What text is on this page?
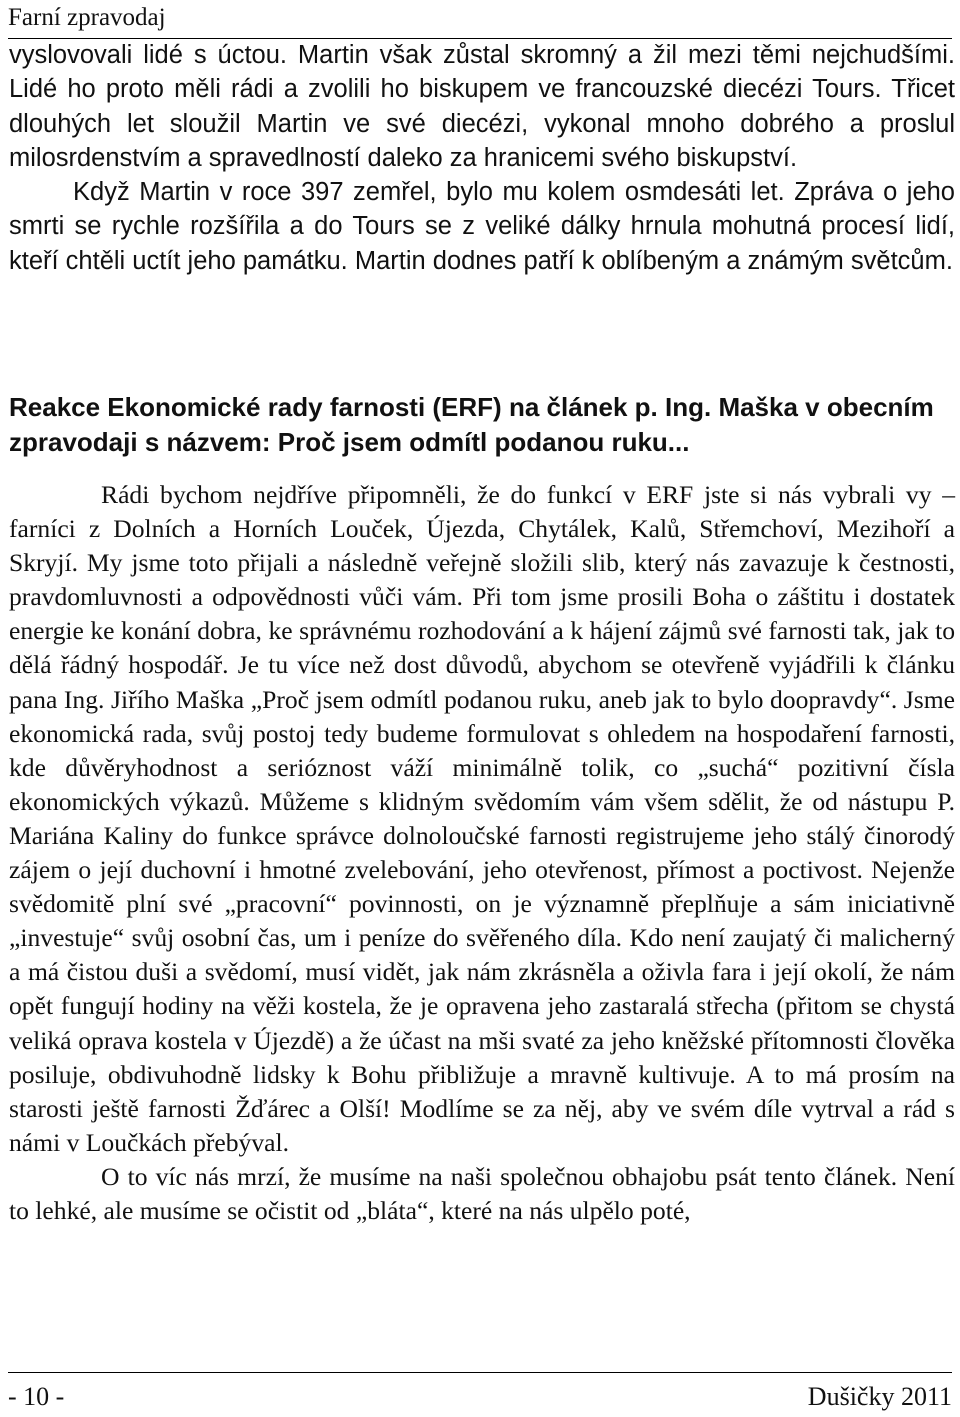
Farní zpravodaj

vyslovovali lidé s úctou. Martin však zůstal skromný a žil mezi těmi nejchudšími. Lidé ho proto měli rádi a zvolili ho biskupem ve francouzské diecézi Tours. Třicet dlouhých let sloužil Martin ve své diecézi, vykonal mnoho dobrého a proslul milosrdenstvím a spravedlností daleko za hranicemi svého biskupství.

Když Martin v roce 397 zemřel, bylo mu kolem osmdesáti let. Zpráva o jeho smrti se rychle rozšířila a do Tours se z veliké dálky hrnula mohutná procesí lidí, kteří chtěli uctít jeho památku. Martin dodnes patří k oblíbeným a známým světcům.

Reakce Ekonomické rady farnosti (ERF) na článek p. Ing. Maška v obecním zpravodaji s názvem: Proč jsem odmítl podanou ruku...

Rádi bychom nejdříve připomněli, že do funkcí v ERF jste si nás vybrali vy – farníci z Dolních a Horních Louček, Újezda, Chytálek, Kalů, Střemchoví, Mezihoří a Skryjí. My jsme toto přijali a následně veřejně složili slib, který nás zavazuje k čestnosti, pravdomluvnosti a odpovědnosti vůči vám. Při tom jsme prosili Boha o záštitu i dostatek energie ke konání dobra, ke správnému rozhodování a k hájení zájmů své farnosti tak, jak to dělá řádný hospodář. Je tu více než dost důvodů, abychom se otevřeně vyjádřili k článku pana Ing. Jiřího Maška „Proč jsem odmítl podanou ruku, aneb jak to bylo doopravdy“. Jsme ekonomická rada, svůj postoj tedy budeme formulovat s ohledem na hospodaření farnosti, kde důvěryhodnost a serióznost váží minimálně tolik, co „suchá“ pozitivní čísla ekonomických výkazů. Můžeme s klidným svědomím vám všem sdělit, že od nástupu P. Mariána Kaliny do funkce správce dolnoloučské farnosti registrujeme jeho stálý činorodý zájem o její duchovní i hmotné zvelebování, jeho otevřenost, přímost a poctivost. Nejenže svědomitě plní své „pracovní“ povinnosti, on je významně přeplňuje a sám iniciativně „investuje“ svůj osobní čas, um i peníze do svěřeného díla. Kdo není zaujatý či malicherný a má čistou duši a svědomí, musí vidět, jak nám zkrásněla a oživla fara i její okolí, že nám opět fungují hodiny na věži kostela, že je opravena jeho zastaralá střecha (přitom se chystá veliká oprava kostela v Újezdě) a že účast na mši svaté za jeho kněžské přítomnosti člověka posiluje, obdivuhodně lidsky k Bohu přibližuje a mravně kultivuje. A to má prosím na starosti ještě farnosti Žďárec a Olší! Modlíme se za něj, aby ve svém díle vytrval a rád s námi v Loučkách přebýval.

O to víc nás mrzí, že musíme na naši společnou obhajobu psát tento článek. Není to lehké, ale musíme se očistit od „bláta“, které na nás ulpělo poté,

- 10 -	Dušičky 2011
